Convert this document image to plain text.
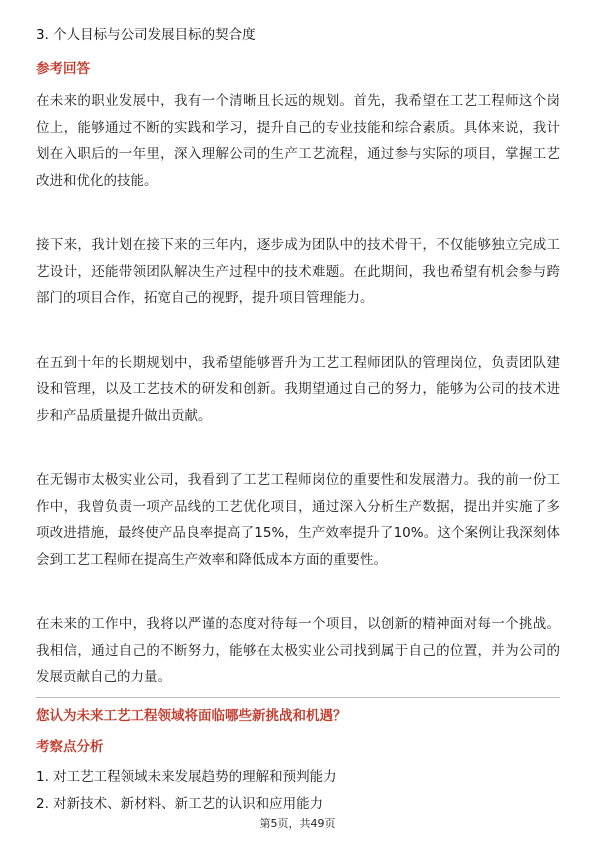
3. 个人目标与公司发展目标的契合度
参考回答

在未来的职业发展中，我有一个清晰且长远的规划。首先，我希望在工艺工程师这个岗位上，能够通过不断的实践和学习，提升自己的专业技能和综合素质。具体来说，我计划在入职后的一年里，深入理解公司的生产工艺流程，通过参与实际的项目，掌握工艺改进和优化的技能。

接下来，我计划在接下来的三年内，逐步成为团队中的技术骨干，不仅能够独立完成工艺设计，还能带领团队解决生产过程中的技术难题。在此期间，我也希望有机会参与跨部门的项目合作，拓宽自己的视野，提升项目管理能力。

在五到十年的长期规划中，我希望能够晋升为工艺工程师团队的管理岗位，负责团队建设和管理，以及工艺技术的研发和创新。我期望通过自己的努力，能够为公司的技术进步和产品质量提升做出贡献。

在无锡市太极实业公司，我看到了工艺工程师岗位的重要性和发展潜力。我的前一份工作中，我曾负责一项产品线的工艺优化项目，通过深入分析生产数据，提出并实施了多项改进措施，最终使产品良率提高了15%，生产效率提升了10%。这个案例让我深刻体会到工艺工程师在提高生产效率和降低成本方面的重要性。

在未来的工作中，我将以严谨的态度对待每一个项目，以创新的精神面对每一个挑战。我相信，通过自己的不断努力，能够在太极实业公司找到属于自己的位置，并为公司的发展贡献自己的力量。

您认为未来工艺工程领域将面临哪些新挑战和机遇？
考察点分析
1. 对工艺工程领域未来发展趋势的理解和预判能力
2. 对新技术、新材料、新工艺的认识和应用能力
第5页，共49页
